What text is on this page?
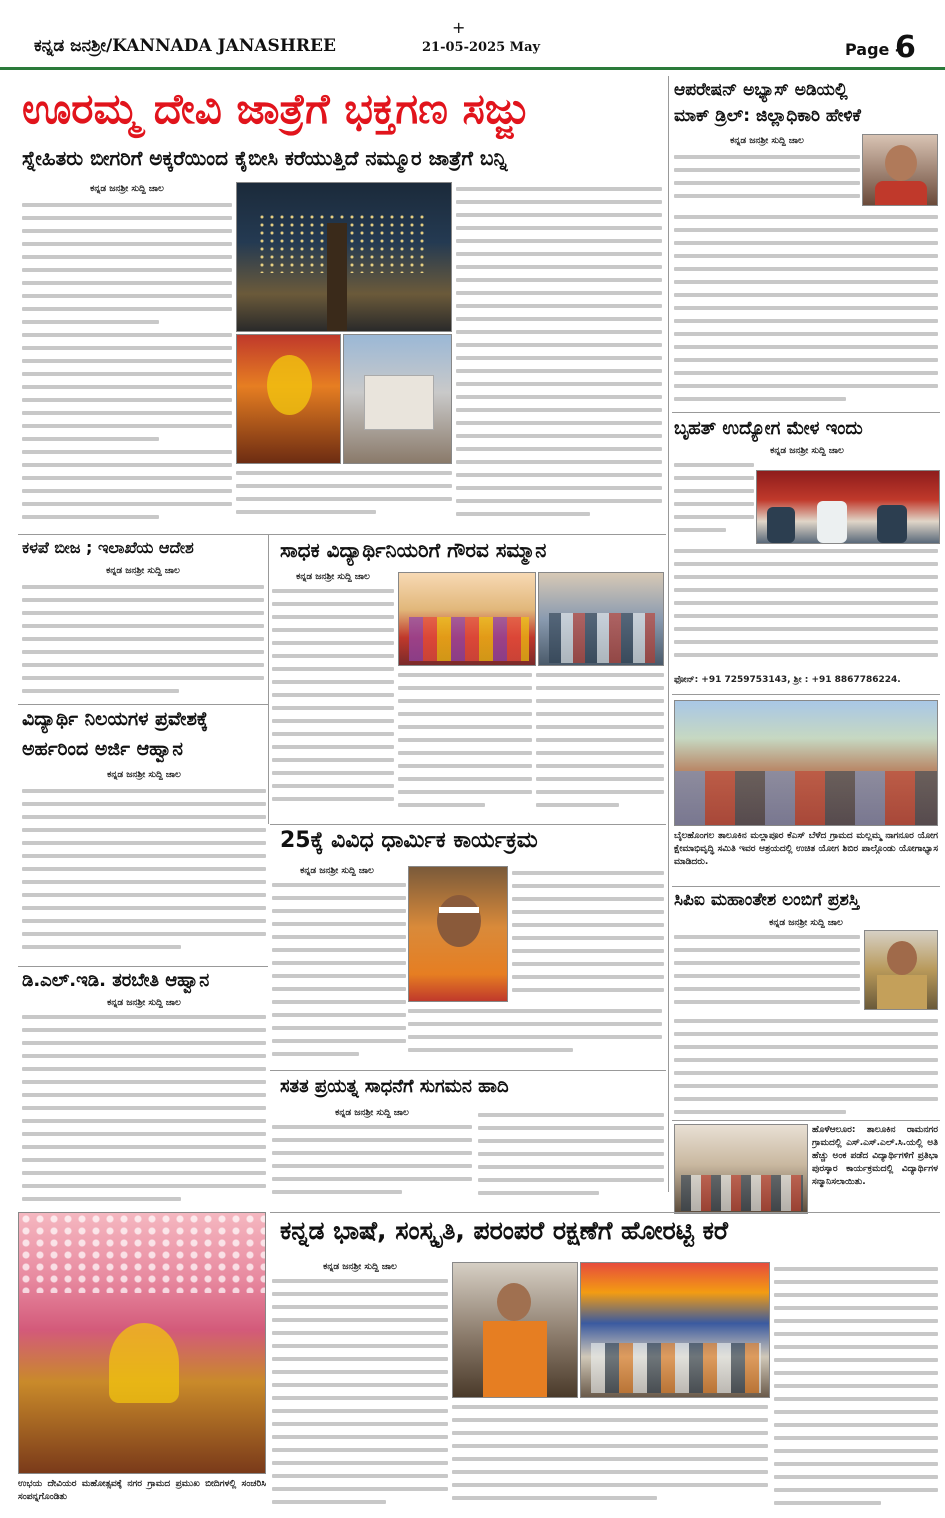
+
ಕನ್ನಡ ಜನಶ್ರೀ/KANNADA JANASHREE	21-05-2025 May	Page -
6
ಊರಮ್ಮ ದೇವಿ ಜಾತ್ರೆಗೆ ಭಕ್ತಗಣ ಸಜ್ಜು
ಸ್ನೇಹಿತರು ಬೀಗರಿಗೆ ಅಕ್ಕರೆಯಿಂದ ಕೈಬೀಸಿ ಕರೆಯುತ್ತಿದೆ ನಮ್ಮೂರ ಜಾತ್ರೆಗೆ ಬನ್ನಿ
ಕನ್ನಡ ಜನಶ್ರೀ ಸುದ್ದಿ ಜಾಲ
ಆಪರೇಷನ್ ಅಭ್ಯಾಸ್ ಅಡಿಯಲ್ಲಿ
ಮಾಕ್ ಡ್ರಿಲ್: ಜಿಲ್ಲಾಧಿಕಾರಿ ಹೇಳಿಕೆ
ಕನ್ನಡ ಜನಶ್ರೀ ಸುದ್ದಿ ಜಾಲ
ಬೃಹತ್ ಉದ್ಯೋಗ ಮೇಳ ಇಂದು
ಕನ್ನಡ ಜನಶ್ರೀ ಸುದ್ದಿ ಜಾಲ
ಫೋನ್: +91 7259753143, ಶ್ರೀ : +91 8867786224.
ಕಳಪೆ ಬೀಜ ; ಇಲಾಖೆಯ ಆದೇಶ
ಕನ್ನಡ ಜನಶ್ರೀ ಸುದ್ದಿ ಜಾಲ
ಸಾಧಕ ವಿದ್ಯಾರ್ಥಿನಿಯರಿಗೆ ಗೌರವ ಸಮ್ಮಾನ
ಕನ್ನಡ ಜನಶ್ರೀ ಸುದ್ದಿ ಜಾಲ
ವಿದ್ಯಾರ್ಥಿ ನಿಲಯಗಳ ಪ್ರವೇಶಕ್ಕೆ
ಅರ್ಹರಿಂದ ಅರ್ಜಿ ಆಹ್ವಾನ
ಕನ್ನಡ ಜನಶ್ರೀ ಸುದ್ದಿ ಜಾಲ
25ಕ್ಕೆ ವಿವಿಧ ಧಾರ್ಮಿಕ ಕಾರ್ಯಕ್ರಮ
ಕನ್ನಡ ಜನಶ್ರೀ ಸುದ್ದಿ ಜಾಲ
ಬೈಲಹೊಂಗಲ ತಾಲೂಕಿನ ಮಲ್ಲಾಪೂರ ಕೆಎಸ್ ಬೆಳೆದ ಗ್ರಾಮದ ಮಲ್ಲಮ್ಮ ನಾಗನೂರ ಯೋಗ ಕ್ಷೇಮಾಭಿವೃದ್ಧಿ ಸಮಿತಿ ಇವರ ಆಶ್ರಯದಲ್ಲಿ ಉಚಿತ ಯೋಗ ಶಿಬಿರ ಪಾಲ್ಗೊಂಡು ಯೋಗಾಭ್ಯಾಸ ಮಾಡಿದರು.
ಸಿಪಿಐ ಮಹಾಂತೇಶ ಲಂಬಿಗೆ ಪ್ರಶಸ್ತಿ
ಕನ್ನಡ ಜನಶ್ರೀ ಸುದ್ದಿ ಜಾಲ
ಡಿ.ಎಲ್.ಇಡಿ. ತರಬೇತಿ ಆಹ್ವಾನ
ಕನ್ನಡ ಜನಶ್ರೀ ಸುದ್ದಿ ಜಾಲ
ಸತತ ಪ್ರಯತ್ನ ಸಾಧನೆಗೆ ಸುಗಮನ ಹಾದಿ
ಕನ್ನಡ ಜನಶ್ರೀ ಸುದ್ದಿ ಜಾಲ
ಹೊಳೆಆಲೂರ: ತಾಲೂಕಿನ ರಾಮನಗರ ಗ್ರಾಮದಲ್ಲಿ ಎಸ್.ಎಸ್.ಎಲ್.ಸಿ.ಯಲ್ಲಿ ಅತಿ ಹೆಚ್ಚು ಅಂಕ ಪಡೆದ ವಿದ್ಯಾರ್ಥಿಗಳಿಗೆ ಪ್ರತಿಭಾ ಪುರಸ್ಕಾರ ಕಾರ್ಯಕ್ರಮದಲ್ಲಿ ವಿದ್ಯಾರ್ಥಿಗಳ ಸನ್ಮಾನಿಸಲಾಯಿತು.
ಕನ್ನಡ ಭಾಷೆ, ಸಂಸ್ಕೃತಿ, ಪರಂಪರೆ ರಕ್ಷಣೆಗೆ ಹೋರಟ್ಟಿ ಕರೆ
ಕನ್ನಡ ಜನಶ್ರೀ ಸುದ್ದಿ ಜಾಲ
ಉಭಯ ದೇವಿಯರ ಮಹೋತ್ಸವಕ್ಕೆ ನಗರ ಗ್ರಾಮದ ಪ್ರಮುಖ ಬೀದಿಗಳಲ್ಲಿ ಸಂಚರಿಸಿ ಸಂಪನ್ನಗೊಂಡಿತು
